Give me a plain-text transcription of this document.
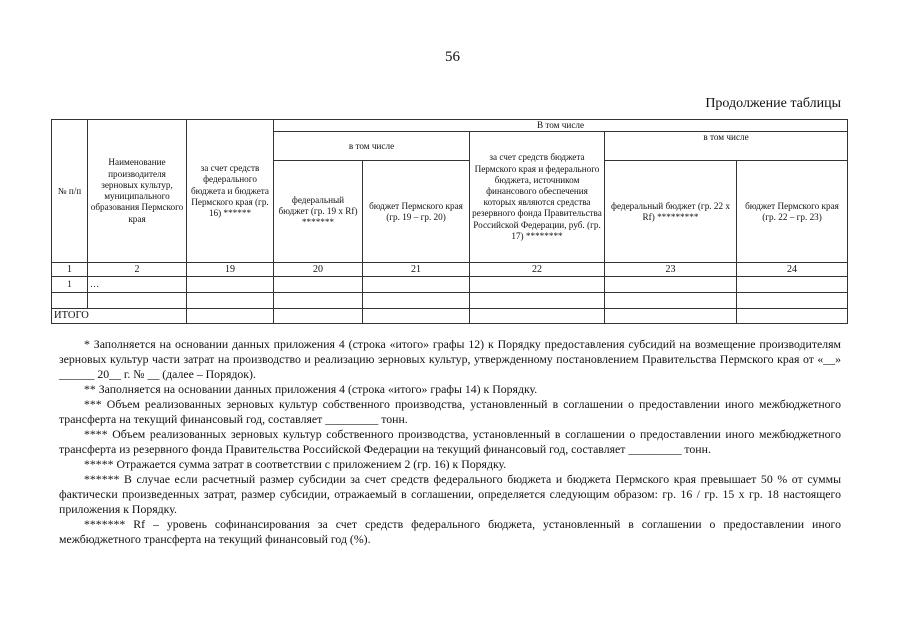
56
Продолжение таблицы
№ п/п	Наименование производителя зерновых культур, муниципального образования Пермского края	за счет средств федерального бюджета и бюджета Пермского края (гр. 16) ******	В том числе				
			в том числе		за счет средств бюджета Пермского края и федерального бюджета, источником финансового обеспечения которых являются средства резервного фонда Правительства Российской Федерации, руб. (гр. 17) ********	в том числе	
			федеральный бюджет (гр. 19 х Rf) *******	бюджет Пермского края (гр. 19 – гр. 20)		федеральный бюджет (гр. 22 х Rf) *********	бюджет Пермского края (гр. 22 – гр. 23)
1	2	19	20	21	22	23	24
1	…						

ИТОГО							

* Заполняется на основании данных приложения 4 (строка «итого» графы 12) к Порядку предоставления субсидий на возмещение производителям зерновых культур части затрат на производство и реализацию зерновых культур, утвержденному постановлением Правительства Пермского края от «__» ______ 20__ г. № __ (далее – Порядок).

** Заполняется на основании данных приложения 4 (строка «итого» графы 14) к Порядку.

*** Объем реализованных зерновых культур собственного производства, установленный в соглашении о предоставлении иного межбюджетного трансферта на текущий финансовый год, составляет _________ тонн.

**** Объем реализованных зерновых культур собственного производства, установленный в соглашении о предоставлении иного межбюджетного трансферта из резервного фонда Правительства Российской Федерации на текущий финансовый год, составляет _________ тонн.

***** Отражается сумма затрат в соответствии с приложением 2 (гр. 16) к Порядку.

****** В случае если расчетный размер субсидии за счет средств федерального бюджета и бюджета Пермского края превышает 50 % от суммы фактически произведенных затрат, размер субсидии, отражаемый в соглашении, определяется следующим образом: гр. 16 / гр. 15 х гр. 18 настоящего приложения к Порядку.

******* Rf – уровень софинансирования за счет средств федерального бюджета, установленный в соглашении о предоставлении иного межбюджетного трансферта на текущий финансовый год (%).
